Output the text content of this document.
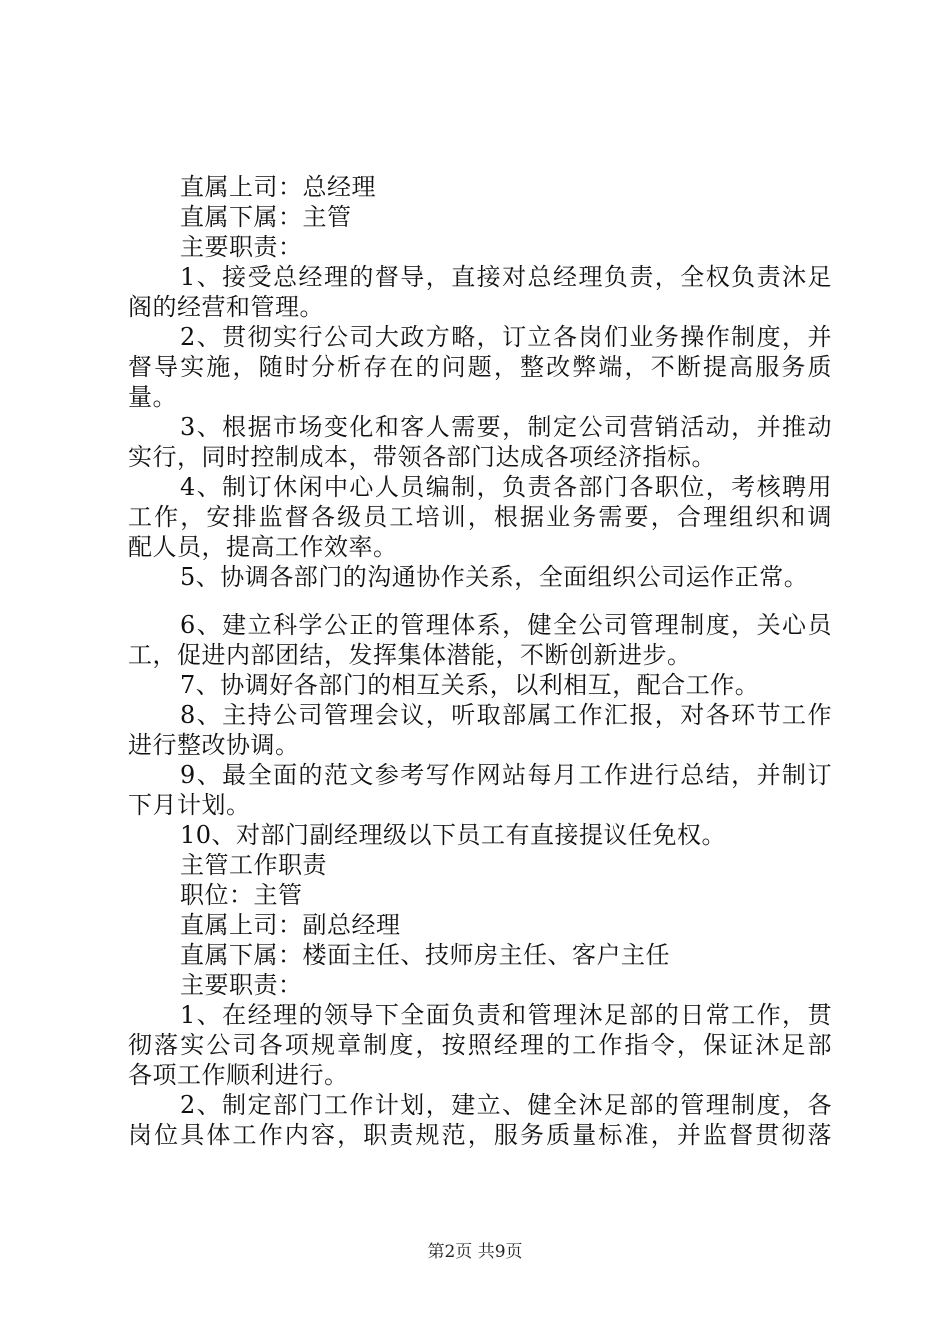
直属上司：总经理
直属下属：主管
主要职责：
1、接受总经理的督导，直接对总经理负责，全权负责沐足
阁的经营和管理。
2、贯彻实行公司大政方略，订立各岗们业务操作制度，并
督导实施，随时分析存在的问题，整改弊端，不断提高服务质
量。
3、根据市场变化和客人需要，制定公司营销活动，并推动
实行，同时控制成本，带领各部门达成各项经济指标。
4、制订休闲中心人员编制，负责各部门各职位，考核聘用
工作，安排监督各级员工培训，根据业务需要，合理组织和调
配人员，提高工作效率。
5、协调各部门的沟通协作关系，全面组织公司运作正常。
6、建立科学公正的管理体系，健全公司管理制度，关心员
工，促进内部团结，发挥集体潜能，不断创新进步。
7、协调好各部门的相互关系，以利相互，配合工作。
8、主持公司管理会议，听取部属工作汇报，对各环节工作
进行整改协调。
9、最全面的范文参考写作网站每月工作进行总结，并制订
下月计划。
10、对部门副经理级以下员工有直接提议任免权。
主管工作职责
职位：主管
直属上司：副总经理
直属下属：楼面主任、技师房主任、客户主任
主要职责：
1、在经理的领导下全面负责和管理沐足部的日常工作，贯
彻落实公司各项规章制度，按照经理的工作指令，保证沐足部
各项工作顺利进行。
2、制定部门工作计划，建立、健全沐足部的管理制度，各
岗位具体工作内容，职责规范，服务质量标准，并监督贯彻落
第2页 共9页
